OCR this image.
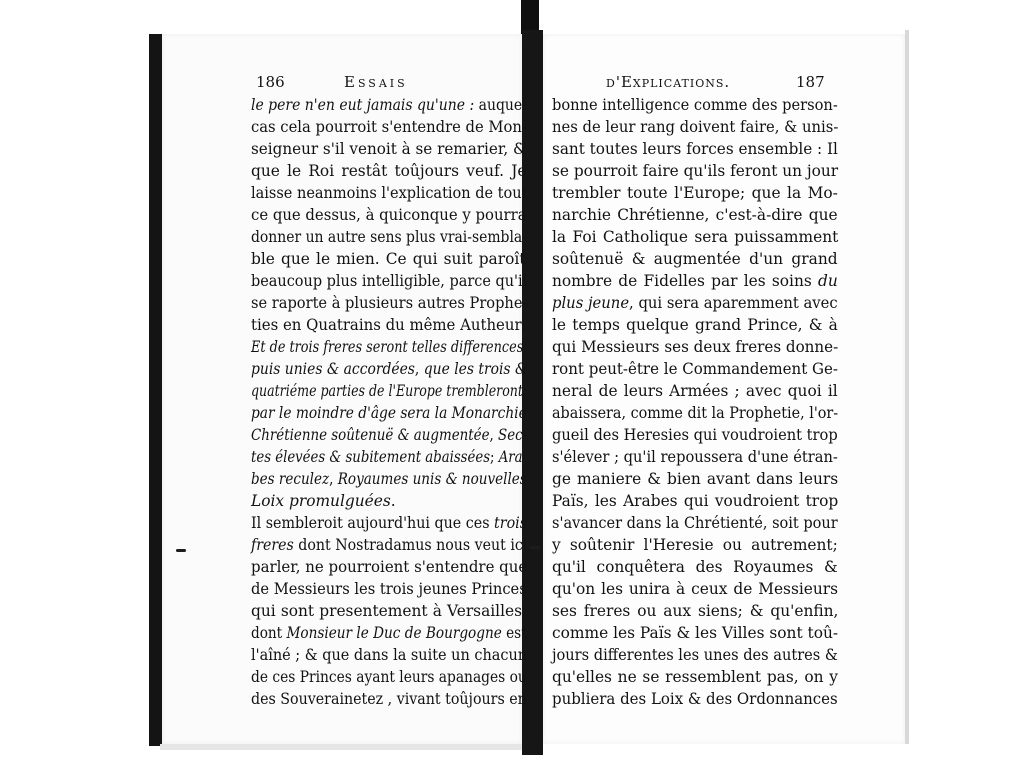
186	Essais	d'Explications.	187
le pere n'en eut jamais qu'une : auquel
cas cela pourroit s'entendre de Mon-
seigneur s'il venoit à se remarier, &
que le Roi restât toûjours veuf. Je
laisse neanmoins l'explication de tout
ce que dessus, à quiconque y pourra
donner un autre sens plus vrai-sembla-
ble que le mien. Ce qui suit paroît
beaucoup plus intelligible, parce qu'il
se raporte à plusieurs autres Prophe-
ties en Quatrains du même Autheur;
Et de trois freres seront telles differences,
puis unies & accordées, que les trois &
quatriéme parties de l'Europe trembleront;
par le moindre d'âge sera la Monarchie
Chrétienne soûtenuë & augmentée, Sec-
tes élevées & subitement abaissées; Ara-
bes reculez, Royaumes unis & nouvelles
Loix promulguées.
Il sembleroit aujourd'hui que ces trois
freres dont Nostradamus nous veut ici
parler, ne pourroient s'entendre que
de Messieurs les trois jeunes Princes
qui sont presentement à Versailles,
dont Monsieur le Duc de Bourgogne est
l'aîné ; & que dans la suite un chacun
de ces Princes ayant leurs apanages ou
des Souverainetez , vivant toûjours en
bonne intelligence comme des person-
nes de leur rang doivent faire, & unis-
sant toutes leurs forces ensemble : Il
se pourroit faire qu'ils feront un jour
trembler toute l'Europe; que la Mo-
narchie Chrétienne, c'est-à-dire que
la Foi Catholique sera puissamment
soûtenuë & augmentée d'un grand
nombre de Fidelles par les soins du
plus jeune, qui sera aparemment avec
le temps quelque grand Prince, & à
qui Messieurs ses deux freres donne-
ront peut-être le Commandement Ge-
neral de leurs Armées ; avec quoi il
abaissera, comme dit la Prophetie, l'or-
gueil des Heresies qui voudroient trop
s'élever ; qu'il repoussera d'une étran-
ge maniere & bien avant dans leurs
Païs, les Arabes qui voudroient trop
s'avancer dans la Chrétienté, soit pour
y soûtenir l'Heresie ou autrement;
qu'il conquêtera des Royaumes &
qu'on les unira à ceux de Messieurs
ses freres ou aux siens; & qu'enfin,
comme les Païs & les Villes sont toû-
jours differentes les unes des autres &
qu'elles ne se ressemblent pas, on y
publiera des Loix & des Ordonnances
